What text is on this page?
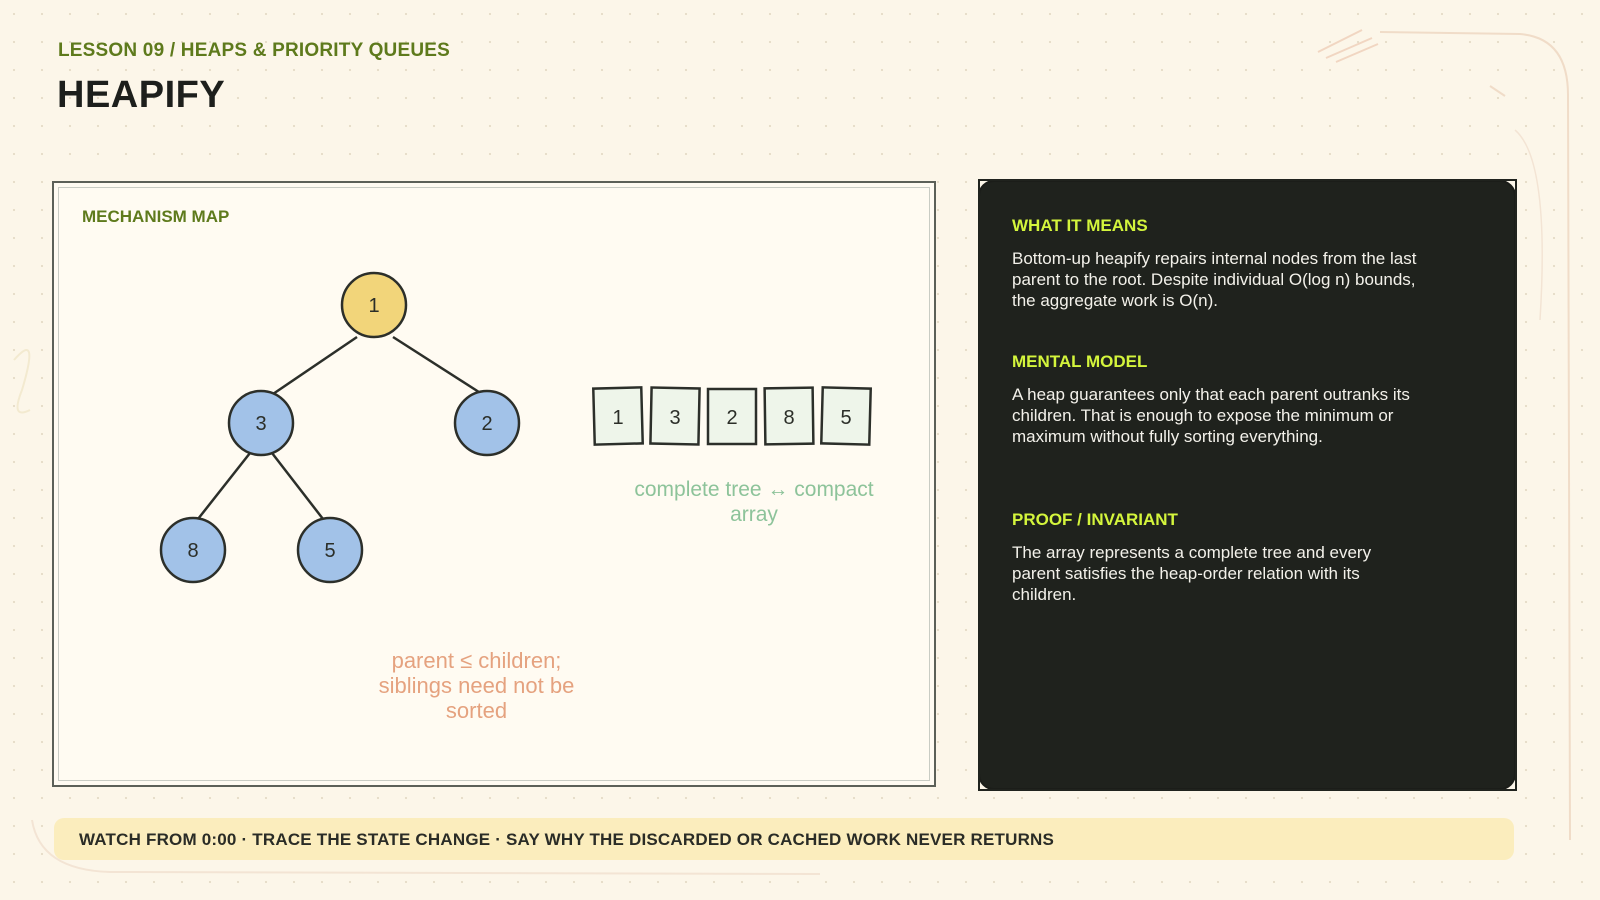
LESSON 09 / HEAPS & PRIORITY QUEUES
HEAPIFY
MECHANISM MAP
1
3	2
8	5
1 3 2 8 5
complete tree ↔ compact array
parent ≤ children; siblings need not be sorted
WHAT IT MEANS

Bottom-up heapify repairs internal nodes from the last parent to the root. Despite individual O(log n) bounds, the aggregate work is O(n).

MENTAL MODEL

A heap guarantees only that each parent outranks its children. That is enough to expose the minimum or maximum without fully sorting everything.

PROOF / INVARIANT

The array represents a complete tree and every parent satisfies the heap-order relation with its children.

WATCH FROM 0:00 · TRACE THE STATE CHANGE · SAY WHY THE DISCARDED OR CACHED WORK NEVER RETURNS
